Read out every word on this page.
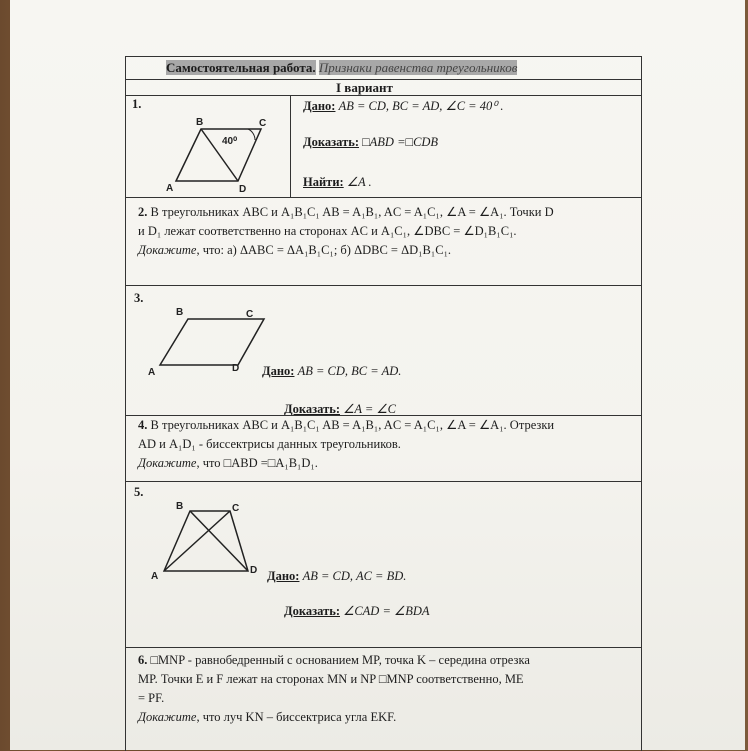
Самостоятельная работа. Признаки равенства треугольников
I вариант
1.
B	C
A	D
40⁰
Дано: AB = CD, BC = AD, ∠C = 40⁰ .
Доказать: □ABD =□CDB
Найти: ∠A .
2. В треугольниках ABC и A₁B₁C₁ AB = A₁B₁, AC = A₁C₁, ∠A = ∠A₁. Точки D
и D₁ лежат соответственно на сторонах AC и A₁C₁, ∠DBC = ∠D₁B₁C₁.
Докажите, что: а) ΔABC = ΔA₁B₁C₁; б) ΔDBC = ΔD₁B₁C₁.
3.
B	C
A	D Дано: AB = CD, BC = AD.
Доказать: ∠A = ∠C
4. В треугольниках ABC и A₁B₁C₁ AB = A₁B₁, AC = A₁C₁, ∠A = ∠A₁. Отрезки
AD и A₁D₁ - биссектрисы данных треугольников.
Докажите, что □ABD =□A₁B₁D₁.
5.
B	C
A
D Дано: AB = CD, AC = BD.
Доказать: ∠CAD = ∠BDA
6. □MNP - равнобедренный с основанием MP, точка K – середина отрезка
MP. Точки E и F лежат на сторонах MN и NP □MNP соответственно, ME
= PF.
Докажите, что луч KN – биссектриса угла EKF.
